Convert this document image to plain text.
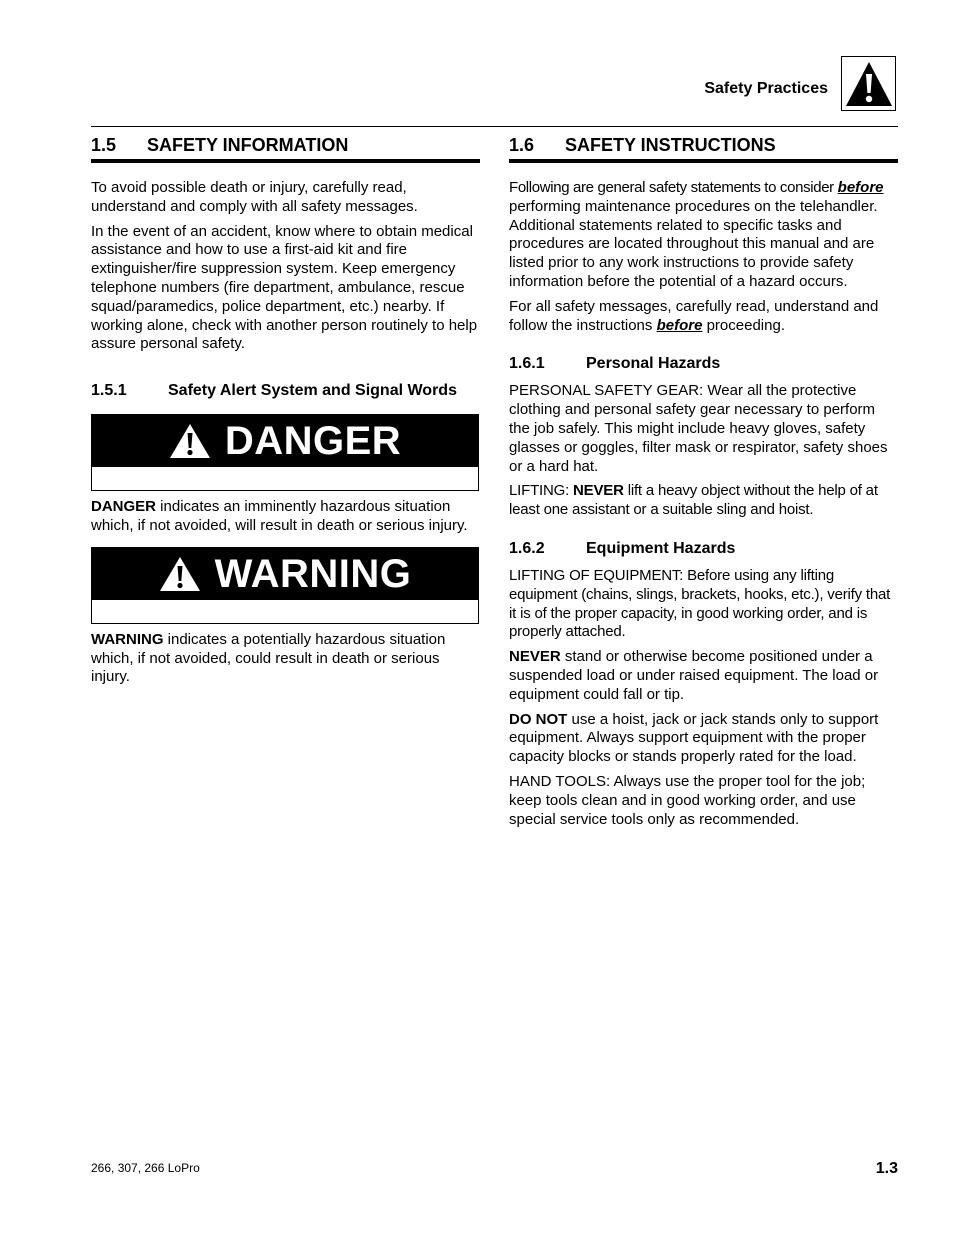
Safety Practices
1.5	SAFETY INFORMATION

To avoid possible death or injury, carefully read, understand and comply with all safety messages.

In the event of an accident, know where to obtain medical assistance and how to use a first-aid kit and fire extinguisher/fire suppression system. Keep emergency telephone numbers (fire department, ambulance, rescue squad/paramedics, police department, etc.) nearby. If working alone, check with another person routinely to help assure personal safety.

1.5.1	Safety Alert System and Signal Words
DANGER

DANGER indicates an imminently hazardous situation which, if not avoided, will result in death or serious injury.

WARNING

WARNING indicates a potentially hazardous situation which, if not avoided, could result in death or serious injury.

1.6	SAFETY INSTRUCTIONS

Following are general safety statements to consider before performing maintenance procedures on the telehandler. Additional statements related to specific tasks and procedures are located throughout this manual and are listed prior to any work instructions to provide safety information before the potential of a hazard occurs.

For all safety messages, carefully read, understand and follow the instructions before proceeding.

1.6.1	Personal Hazards

PERSONAL SAFETY GEAR: Wear all the protective clothing and personal safety gear necessary to perform the job safely. This might include heavy gloves, safety glasses or goggles, filter mask or respirator, safety shoes or a hard hat.

LIFTING: NEVER lift a heavy object without the help of at least one assistant or a suitable sling and hoist.

1.6.2	Equipment Hazards

LIFTING OF EQUIPMENT: Before using any lifting equipment (chains, slings, brackets, hooks, etc.), verify that it is of the proper capacity, in good working order, and is properly attached.

NEVER stand or otherwise become positioned under a suspended load or under raised equipment. The load or equipment could fall or tip.

DO NOT use a hoist, jack or jack stands only to support equipment. Always support equipment with the proper capacity blocks or stands properly rated for the load.

HAND TOOLS: Always use the proper tool for the job; keep tools clean and in good working order, and use special service tools only as recommended.

266, 307, 266 LoPro	1.3
